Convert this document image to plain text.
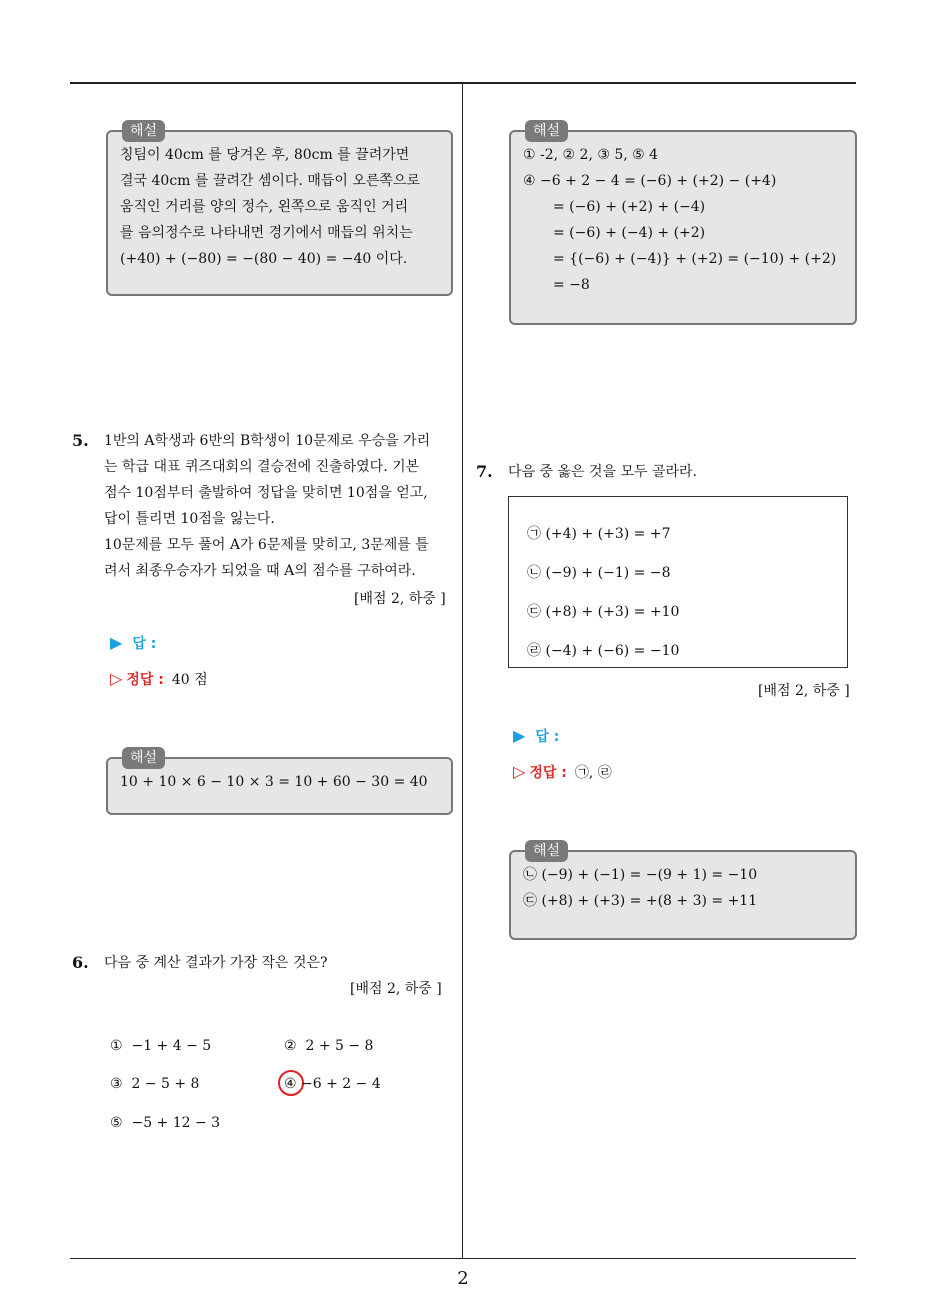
2
해설
칭팀이 40cm 를 당겨온 후, 80cm 를 끌려가면
결국 40cm 를 끌려간 셈이다. 매듭이 오른쪽으로
움직인 거리를 양의 정수, 왼쪽으로 움직인 거리
를 음의정수로 나타내면 경기에서 매듭의 위치는
(+40) + (−80) = −(80 − 40) = −40 이다.
5. 1반의 A학생과 6반의 B학생이 10문제로 우승을 가리
는 학급 대표 퀴즈대회의 결승전에 진출하였다. 기본
점수 10점부터 출발하여 정답을 맞히면 10점을 얻고,
답이 틀리면 10점을 잃는다.
10문제를 모두 풀어 A가 6문제를 맞히고, 3문제를 틀
려서 최종우승자가 되었을 때 A의 점수를 구하여라.
[배점 2, 하중 ]
▶ 답 :
▷ 정답 : 40 점
해설
10 + 10 × 6 − 10 × 3 = 10 + 60 − 30 = 40
6. 다음 중 계산 결과가 가장 작은 것은?
[배점 2, 하중 ]
① −1 + 4 − 5	② 2 + 5 − 8
③ 2 − 5 + 8	④ −6 + 2 − 4
⑤ −5 + 12 − 3
해설
① -2, ② 2, ③ 5, ⑤ 4
④ −6 + 2 − 4 = (−6) + (+2) − (+4)
= (−6) + (+2) + (−4)
= (−6) + (−4) + (+2)
= {(−6) + (−4)} + (+2) = (−10) + (+2)
= −8
7. 다음 중 옳은 것을 모두 골라라.
㉠ (+4) + (+3) = +7
㉡ (−9) + (−1) = −8
㉢ (+8) + (+3) = +10
㉣ (−4) + (−6) = −10
[배점 2, 하중 ]
▶ 답 :
▷ 정답 : ㉠, ㉣
해설
㉡ (−9) + (−1) = −(9 + 1) = −10
㉢ (+8) + (+3) = +(8 + 3) = +11
